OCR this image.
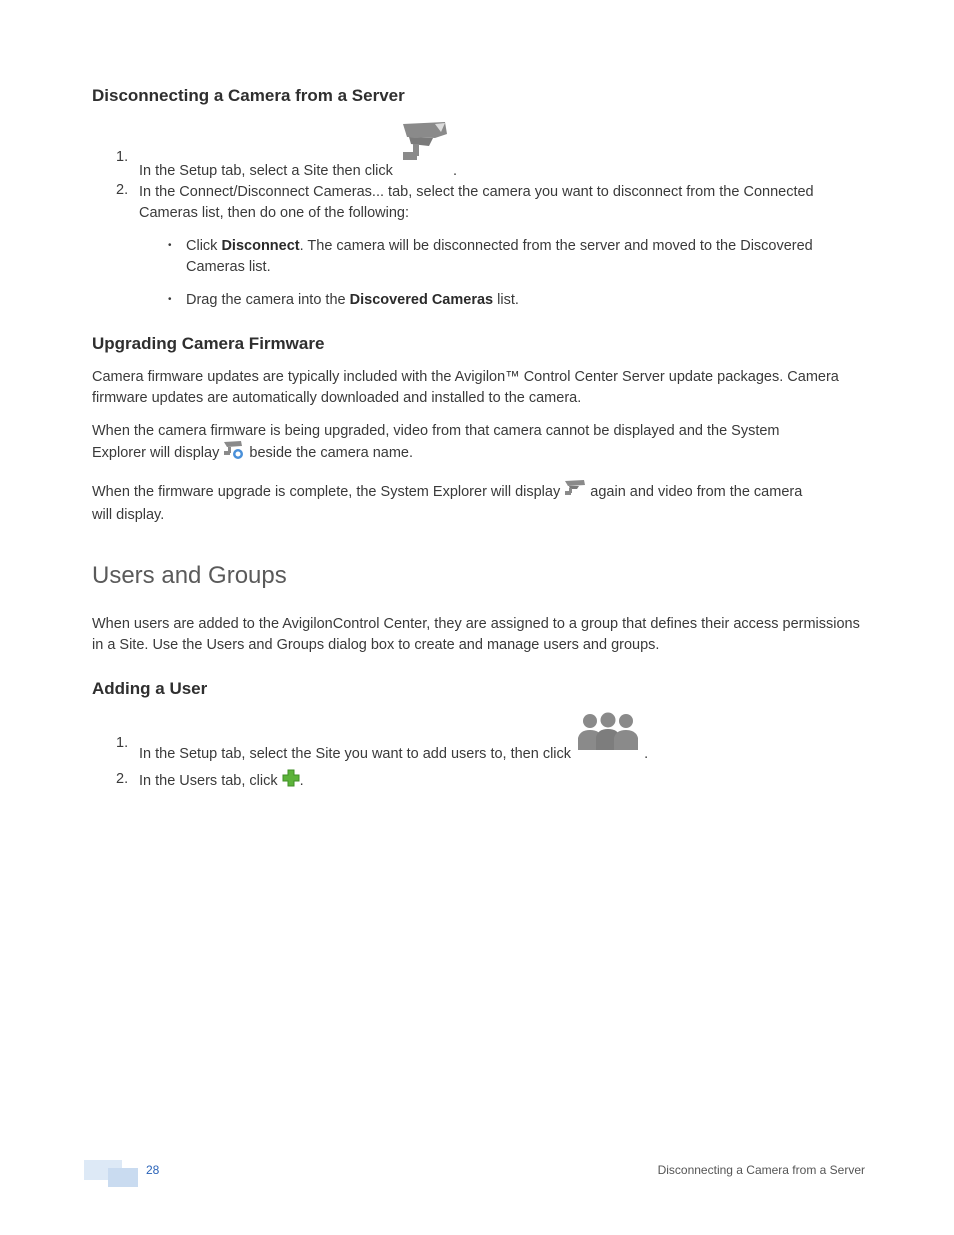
Disconnecting a Camera from a Server
1.
In the Setup tab, select a Site then click	.
2. In the Connect/Disconnect Cameras... tab, select the camera you want to disconnect from the Connected Cameras list, then do one of the following:
• Click Disconnect. The camera will be disconnected from the server and moved to the Discovered Cameras list.
• Drag the camera into the Discovered Cameras list.
Upgrading Camera Firmware

Camera firmware updates are typically included with the Avigilon™ Control Center Server update packages. Camera firmware updates are automatically downloaded and installed to the camera.

When the camera firmware is being upgraded, video from that camera cannot be displayed and the System

Explorer will display beside the camera name.
When the firmware upgrade is complete, the System Explorer will display again and video from the camera

will display.

Users and Groups

When users are added to the AvigilonControl Center, they are assigned to a group that defines their access permissions in a Site. Use the Users and Groups dialog box to create and manage users and groups.

Adding a User
1.
In the Setup tab, select the Site you want to add users to, then click	.
2. In the Users tab, click .
28	Disconnecting a Camera from a Server
